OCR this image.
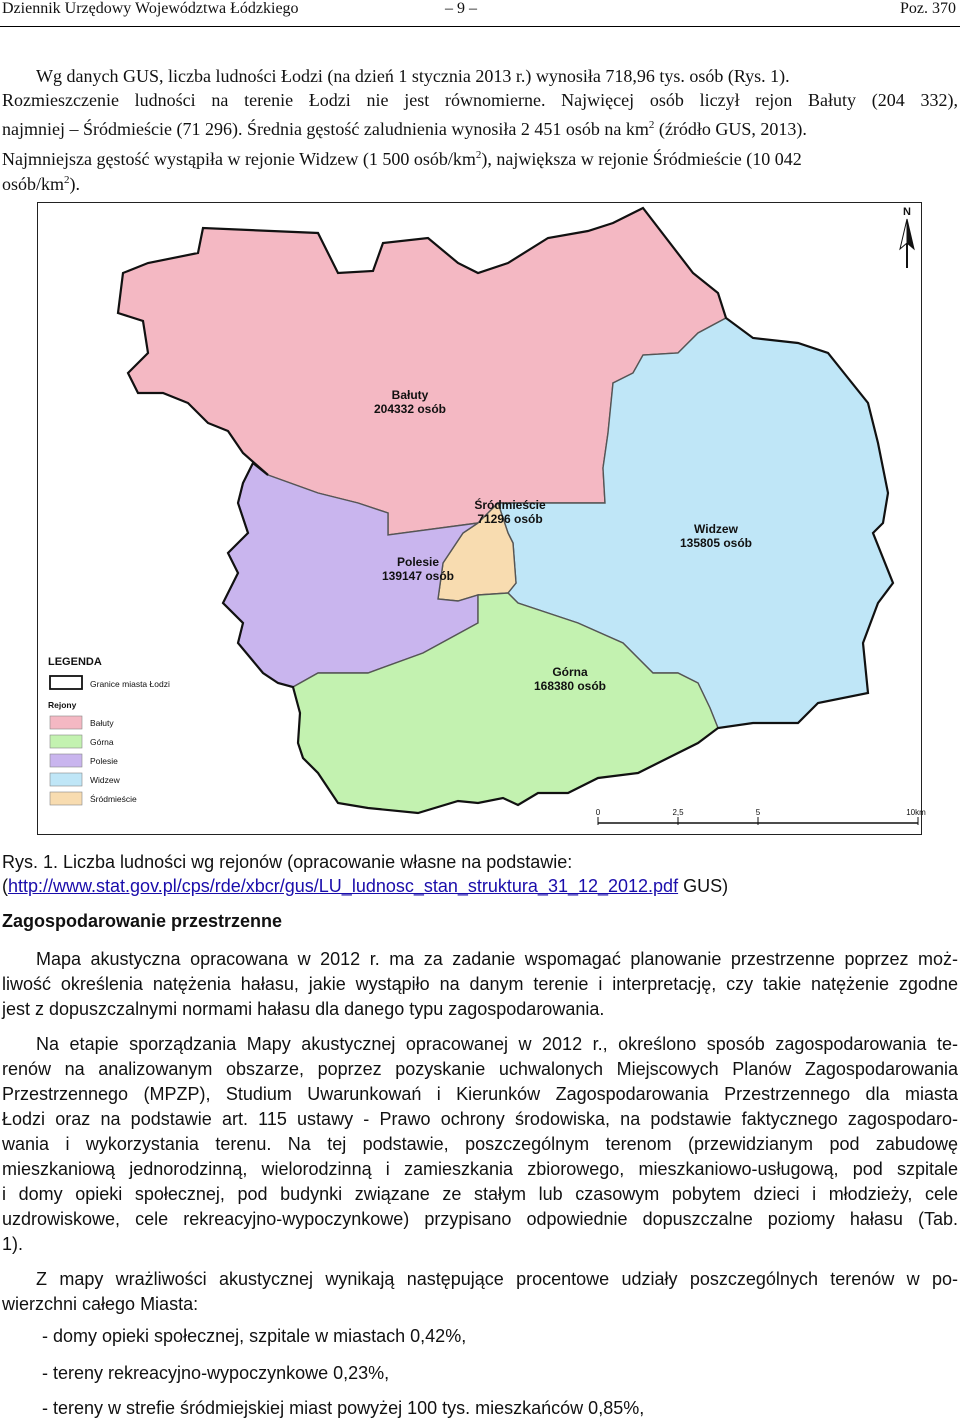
Dziennik Urzędowy Województwa Łódzkiego	– 9 –	Poz. 370
Wg danych GUS, liczba ludności Łodzi (na dzień 1 stycznia 2013 r.) wynosiła 718,96 tys. osób (Rys. 1).
Rozmieszczenie ludności na terenie Łodzi nie jest równomierne. Najwięcej osób liczył rejon Bałuty (204 332),
najmniej – Śródmieście (71 296). Średnia gęstość zaludnienia wynosiła 2 451 osób na $km^2$ (źródło GUS, 2013).
Najmniejsza gęstość wystąpiła w rejonie Widzew (1 500 osób/$km^2$), największa w rejonie Śródmieście (10 042
osób/$km^2$).
Bałuty
204332 osób
Widzew
135805 osób
Śródmieście
71296 osób
Polesie
139147 osób
Górna
168380 osób
N
LEGENDA
Granice miasta Łodzi
Rejony
Bałuty
Górna
Polesie
Widzew
Śródmieście
0	2,5	5	10km
Rys. 1. Liczba ludności wg rejonów (opracowanie własne na podstawie:
(http://www.stat.gov.pl/cps/rde/xbcr/gus/LU_ludnosc_stan_struktura_31_12_2012.pdf GUS)
Zagospodarowanie przestrzenne
Mapa akustyczna opracowana w 2012 r. ma za zadanie wspomagać planowanie przestrzenne poprzez moż-
liwość określenia natężenia hałasu, jakie wystąpiło na danym terenie i interpretację, czy takie natężenie zgodne
jest z dopuszczalnymi normami hałasu dla danego typu zagospodarowania.
Na etapie sporządzania Mapy akustycznej opracowanej w 2012 r., określono sposób zagospodarowania te-
renów na analizowanym obszarze, poprzez pozyskanie uchwalonych Miejscowych Planów Zagospodarowania
Przestrzennego (MPZP), Studium Uwarunkowań i Kierunków Zagospodarowania Przestrzennego dla miasta
Łodzi oraz na podstawie art. 115 ustawy - Prawo ochrony środowiska, na podstawie faktycznego zagospodaro-
wania i wykorzystania terenu. Na tej podstawie, poszczególnym terenom (przewidzianym pod zabudowę
mieszkaniową jednorodzinną, wielorodzinną i zamieszkania zbiorowego, mieszkaniowo-usługową, pod szpitale
i domy opieki społecznej, pod budynki związane ze stałym lub czasowym pobytem dzieci i młodzieży, cele
uzdrowiskowe, cele rekreacyjno-wypoczynkowe) przypisano odpowiednie dopuszczalne poziomy hałasu (Tab.
1).
Z mapy wrażliwości akustycznej wynikają następujące procentowe udziały poszczególnych terenów w po-
wierzchni całego Miasta:
- domy opieki społecznej, szpitale w miastach 0,42%,
- tereny rekreacyjno-wypoczynkowe 0,23%,
- tereny w strefie śródmiejskiej miast powyżej 100 tys. mieszkańców 0,85%,
